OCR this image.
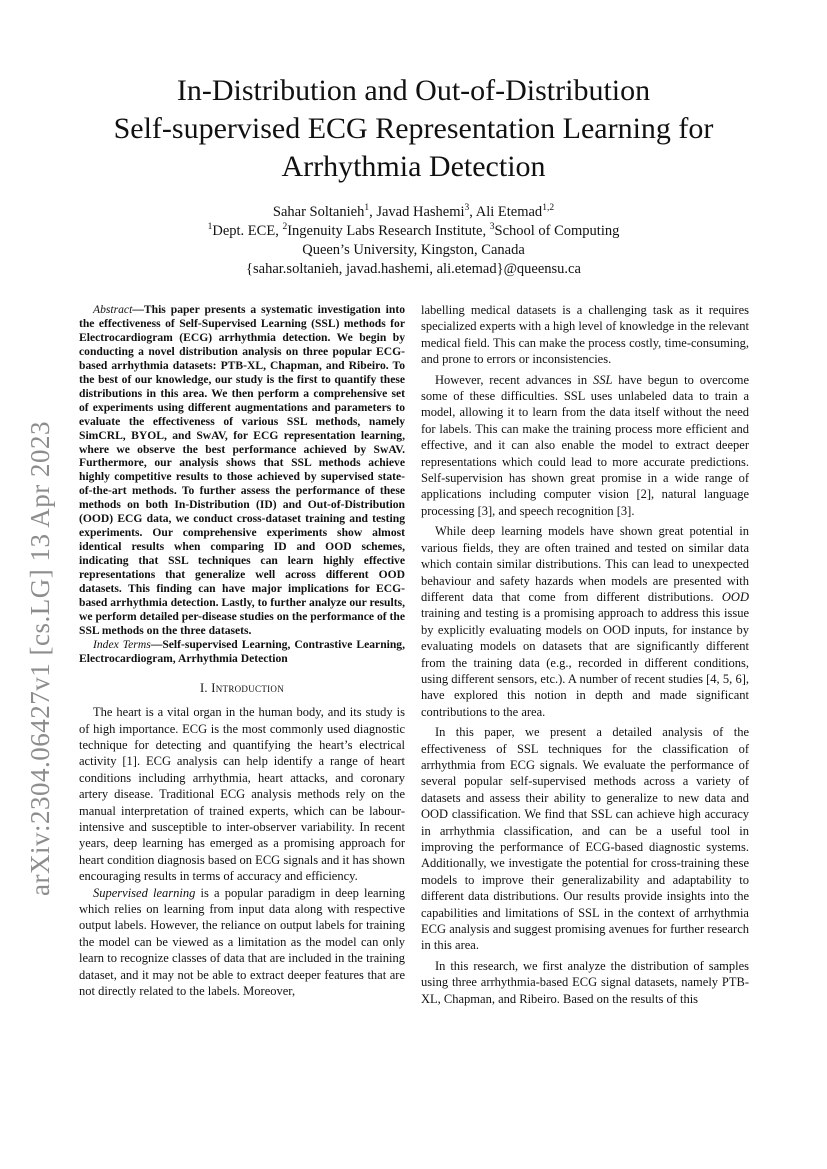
arXiv:2304.06427v1 [cs.LG] 13 Apr 2023
In-Distribution and Out-of-Distribution
Self-supervised ECG Representation Learning for
Arrhythmia Detection
Sahar Soltanieh$^1$, Javad Hashemi$^3$, Ali Etemad$^{1,2}$
$^1$Dept. ECE, $^2$Ingenuity Labs Research Institute, $^3$School of Computing
Queen’s University, Kingston, Canada
{sahar.soltanieh, javad.hashemi, ali.etemad}@queensu.ca

Abstract—This paper presents a systematic investigation into the effectiveness of Self-Supervised Learning (SSL) methods for Electrocardiogram (ECG) arrhythmia detection. We begin by conducting a novel distribution analysis on three popular ECG-based arrhythmia datasets: PTB-XL, Chapman, and Ribeiro. To the best of our knowledge, our study is the first to quantify these distributions in this area. We then perform a comprehensive set of experiments using different augmentations and parameters to evaluate the effectiveness of various SSL methods, namely SimCRL, BYOL, and SwAV, for ECG representation learning, where we observe the best performance achieved by SwAV. Furthermore, our analysis shows that SSL methods achieve highly competitive results to those achieved by supervised state-of-the-art methods. To further assess the performance of these methods on both In-Distribution (ID) and Out-of-Distribution (OOD) ECG data, we conduct cross-dataset training and testing experiments. Our comprehensive experiments show almost identical results when comparing ID and OOD schemes, indicating that SSL techniques can learn highly effective representations that generalize well across different OOD datasets. This finding can have major implications for ECG-based arrhythmia detection. Lastly, to further analyze our results, we perform detailed per-disease studies on the performance of the SSL methods on the three datasets.

Index Terms—Self-supervised Learning, Contrastive Learning, Electrocardiogram, Arrhythmia Detection

I. Introduction

The heart is a vital organ in the human body, and its study is of high importance. ECG is the most commonly used diagnostic technique for detecting and quantifying the heart’s electrical activity [1]. ECG analysis can help identify a range of heart conditions including arrhythmia, heart attacks, and coronary artery disease. Traditional ECG analysis methods rely on the manual interpretation of trained experts, which can be labour-intensive and susceptible to inter-observer variability. In recent years, deep learning has emerged as a promising approach for heart condition diagnosis based on ECG signals and it has shown encouraging results in terms of accuracy and efficiency.

Supervised learning is a popular paradigm in deep learning which relies on learning from input data along with respective output labels. However, the reliance on output labels for training the model can be viewed as a limitation as the model can only learn to recognize classes of data that are included in the training dataset, and it may not be able to extract deeper features that are not directly related to the labels. Moreover,

labelling medical datasets is a challenging task as it requires specialized experts with a high level of knowledge in the relevant medical field. This can make the process costly, time-consuming, and prone to errors or inconsistencies.

However, recent advances in SSL have begun to overcome some of these difficulties. SSL uses unlabeled data to train a model, allowing it to learn from the data itself without the need for labels. This can make the training process more efficient and effective, and it can also enable the model to extract deeper representations which could lead to more accurate predictions. Self-supervision has shown great promise in a wide range of applications including computer vision [2], natural language processing [3], and speech recognition [3].

While deep learning models have shown great potential in various fields, they are often trained and tested on similar data which contain similar distributions. This can lead to unexpected behaviour and safety hazards when models are presented with different data that come from different distributions. OOD training and testing is a promising approach to address this issue by explicitly evaluating models on OOD inputs, for instance by evaluating models on datasets that are significantly different from the training data (e.g., recorded in different conditions, using different sensors, etc.). A number of recent studies [4, 5, 6], have explored this notion in depth and made significant contributions to the area.

In this paper, we present a detailed analysis of the effectiveness of SSL techniques for the classification of arrhythmia from ECG signals. We evaluate the performance of several popular self-supervised methods across a variety of datasets and assess their ability to generalize to new data and OOD classification. We find that SSL can achieve high accuracy in arrhythmia classification, and can be a useful tool in improving the performance of ECG-based diagnostic systems. Additionally, we investigate the potential for cross-training these models to improve their generalizability and adaptability to different data distributions. Our results provide insights into the capabilities and limitations of SSL in the context of arrhythmia ECG analysis and suggest promising avenues for further research in this area.

In this research, we first analyze the distribution of samples using three arrhythmia-based ECG signal datasets, namely PTB-XL, Chapman, and Ribeiro. Based on the results of this
